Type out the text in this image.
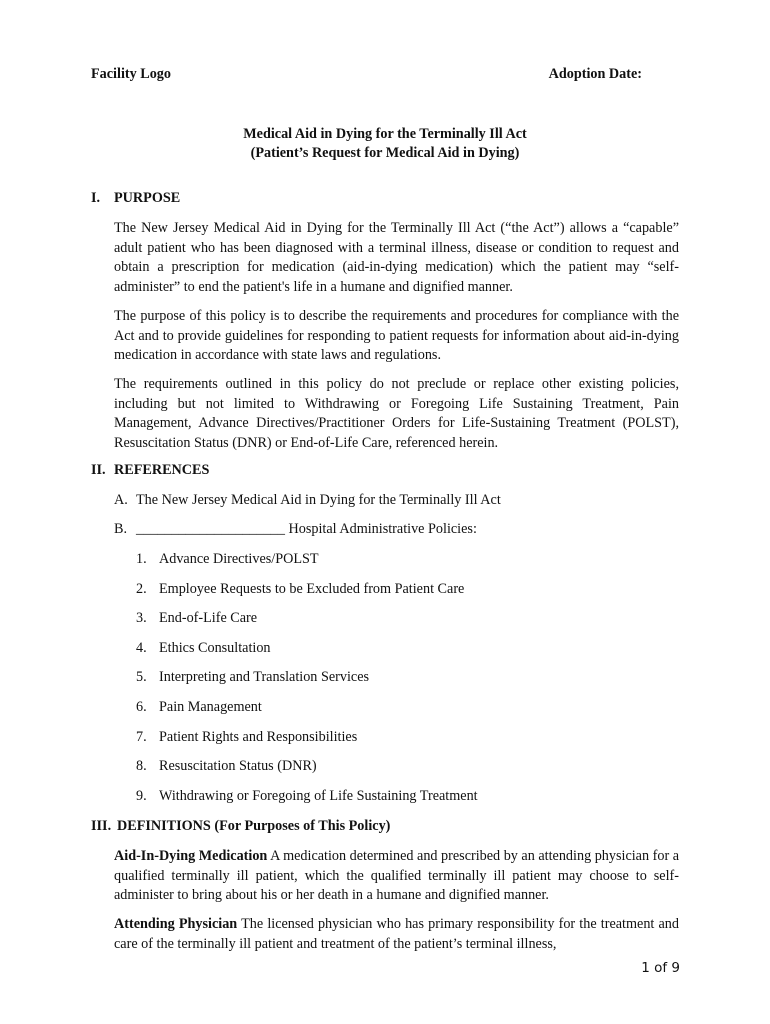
Facility Logo	Adoption Date:
Medical Aid in Dying for the Terminally Ill Act
(Patient’s Request for Medical Aid in Dying)
I. PURPOSE
The New Jersey Medical Aid in Dying for the Terminally Ill Act (“the Act”) allows a “capable” adult patient who has been diagnosed with a terminal illness, disease or condition to request and obtain a prescription for medication (aid-in-dying medication) which the patient may “self-administer” to end the patient's life in a humane and dignified manner.
The purpose of this policy is to describe the requirements and procedures for compliance with the Act and to provide guidelines for responding to patient requests for information about aid-in-dying medication in accordance with state laws and regulations.
The requirements outlined in this policy do not preclude or replace other existing policies, including but not limited to Withdrawing or Foregoing Life Sustaining Treatment, Pain Management, Advance Directives/Practitioner Orders for Life-Sustaining Treatment (POLST), Resuscitation Status (DNR) or End-of-Life Care, referenced herein.
II. REFERENCES
A. The New Jersey Medical Aid in Dying for the Terminally Ill Act
B. _____________________ Hospital Administrative Policies:
1. Advance Directives/POLST
2. Employee Requests to be Excluded from Patient Care
3. End-of-Life Care
4. Ethics Consultation
5. Interpreting and Translation Services
6. Pain Management
7. Patient Rights and Responsibilities
8. Resuscitation Status (DNR)
9. Withdrawing or Foregoing of Life Sustaining Treatment
III. DEFINITIONS (For Purposes of This Policy)
Aid-In-Dying Medication A medication determined and prescribed by an attending physician for a qualified terminally ill patient, which the qualified terminally ill patient may choose to self-administer to bring about his or her death in a humane and dignified manner.
Attending Physician The licensed physician who has primary responsibility for the treatment and care of the terminally ill patient and treatment of the patient’s terminal illness,
1 of 9
